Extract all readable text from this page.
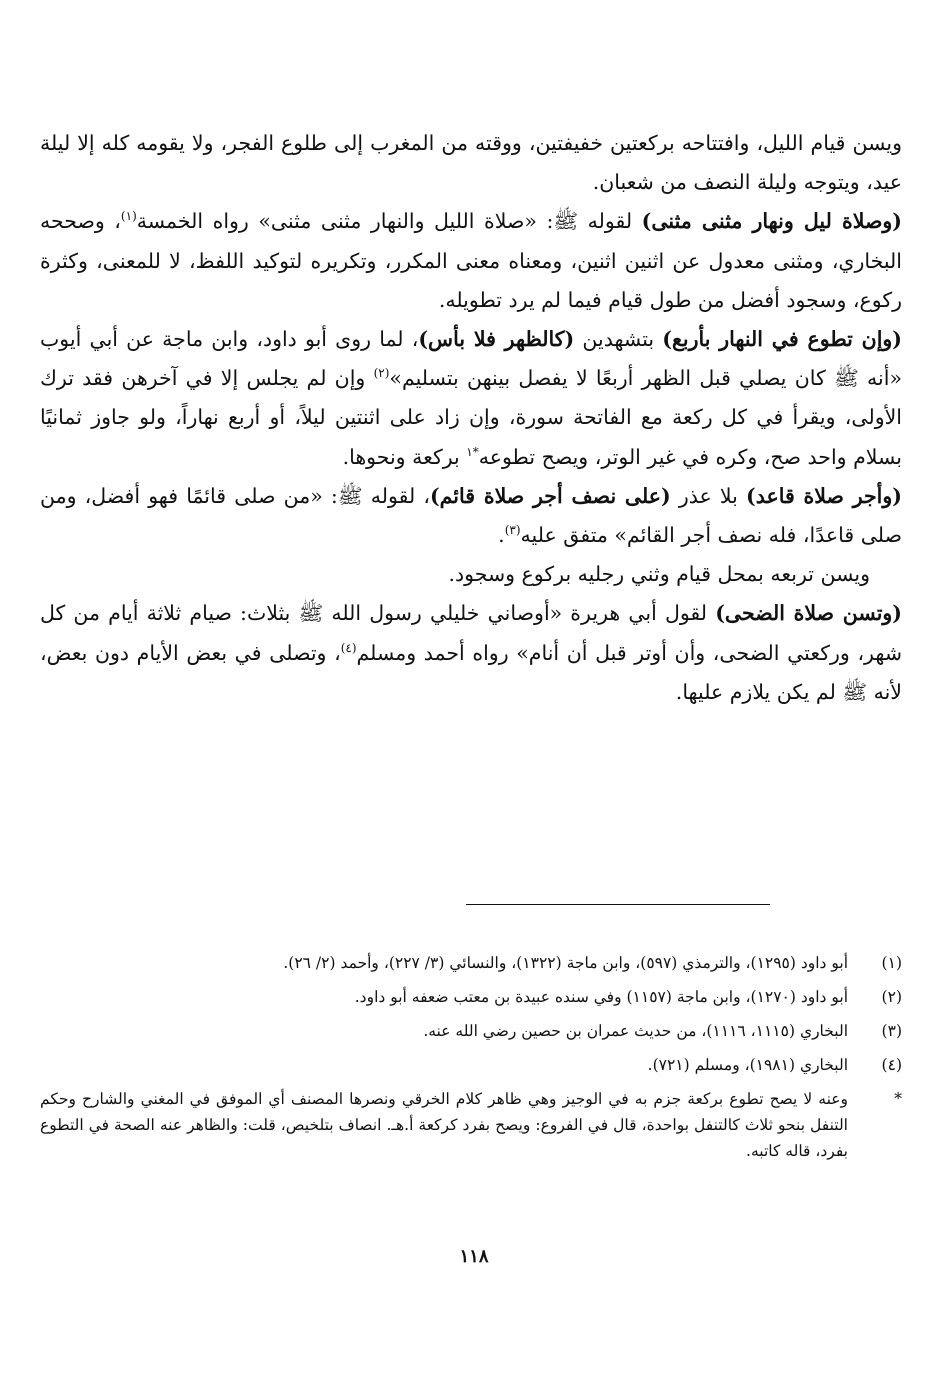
ويسن قيام الليل، وافتتاحه بركعتين خفيفتين، ووقته من المغرب إلى طلوع الفجر، ولا يقومه كله إلا ليلة عيد، ويتوجه وليلة النصف من شعبان.

(وصلاة ليل ونهار مثنى مثنى) لقوله ﷺ: «صلاة الليل والنهار مثنى مثنى» رواه الخمسة$^{(١)}$، وصححه البخاري، ومثنى معدول عن اثنين اثنين، ومعناه معنى المكرر، وتكريره لتوكيد اللفظ، لا للمعنى، وكثرة ركوع، وسجود أفضل من طول قيام فيما لم يرد تطويله.

(وإن تطوع في النهار بأربع) بتشهدين (كالظهر فلا بأس)، لما روى أبو داود، وابن ماجة عن أبي أيوب «أنه ﷺ كان يصلي قبل الظهر أربعًا لا يفصل بينهن بتسليم»$^{(٢)}$ وإن لم يجلس إلا في آخرهن فقد ترك الأولى، ويقرأ في كل ركعة مع الفاتحة سورة، وإن زاد على اثنتين ليلاً، أو أربع نهاراً، ولو جاوز ثمانيًا بسلام واحد صح، وكره في غير الوتر، ويصح تطوعه$^{*١}$ بركعة ونحوها.

(وأجر صلاة قاعد) بلا عذر (على نصف أجر صلاة قائم)، لقوله ﷺ: «من صلى قائمًا فهو أفضل، ومن صلى قاعدًا، فله نصف أجر القائم» متفق عليه$^{(٣)}$.

ويسن تربعه بمحل قيام وثني رجليه بركوع وسجود.

(وتسن صلاة الضحى) لقول أبي هريرة «أوصاني خليلي رسول الله ﷺ بثلاث: صيام ثلاثة أيام من كل شهر، وركعتي الضحى، وأن أوتر قبل أن أنام» رواه أحمد ومسلم$^{(٤)}$، وتصلى في بعض الأيام دون بعض، لأنه ﷺ لم يكن يلازم عليها.

(١)
أبو داود (١٢٩٥)، والترمذي (٥٩٧)، وابن ماجة (١٣٢٢)، والنسائي (٣/ ٢٢٧)، وأحمد (٢/ ٢٦).
(٢)
أبو داود (١٢٧٠)، وابن ماجة (١١٥٧) وفي سنده عبيدة بن معتب ضعفه أبو داود.
(٣)
البخاري (١١١٥، ١١١٦)، من حديث عمران بن حصين رضي الله عنه.
(٤)
البخاري (١٩٨١)، ومسلم (٧٢١).
*
وعنه لا يصح تطوع بركعة جزم به في الوجيز وهي ظاهر كلام الخرقي ونصرها المصنف أي الموفق في المغني والشارح وحكم التنفل بنحو ثلاث كالتنفل بواحدة، قال في الفروع: ويصح بفرد كركعة أ.هـ. انصاف بتلخيص، قلت: والظاهر عنه الصحة في التطوع بفرد، قاله كاتبه.
١١٨
